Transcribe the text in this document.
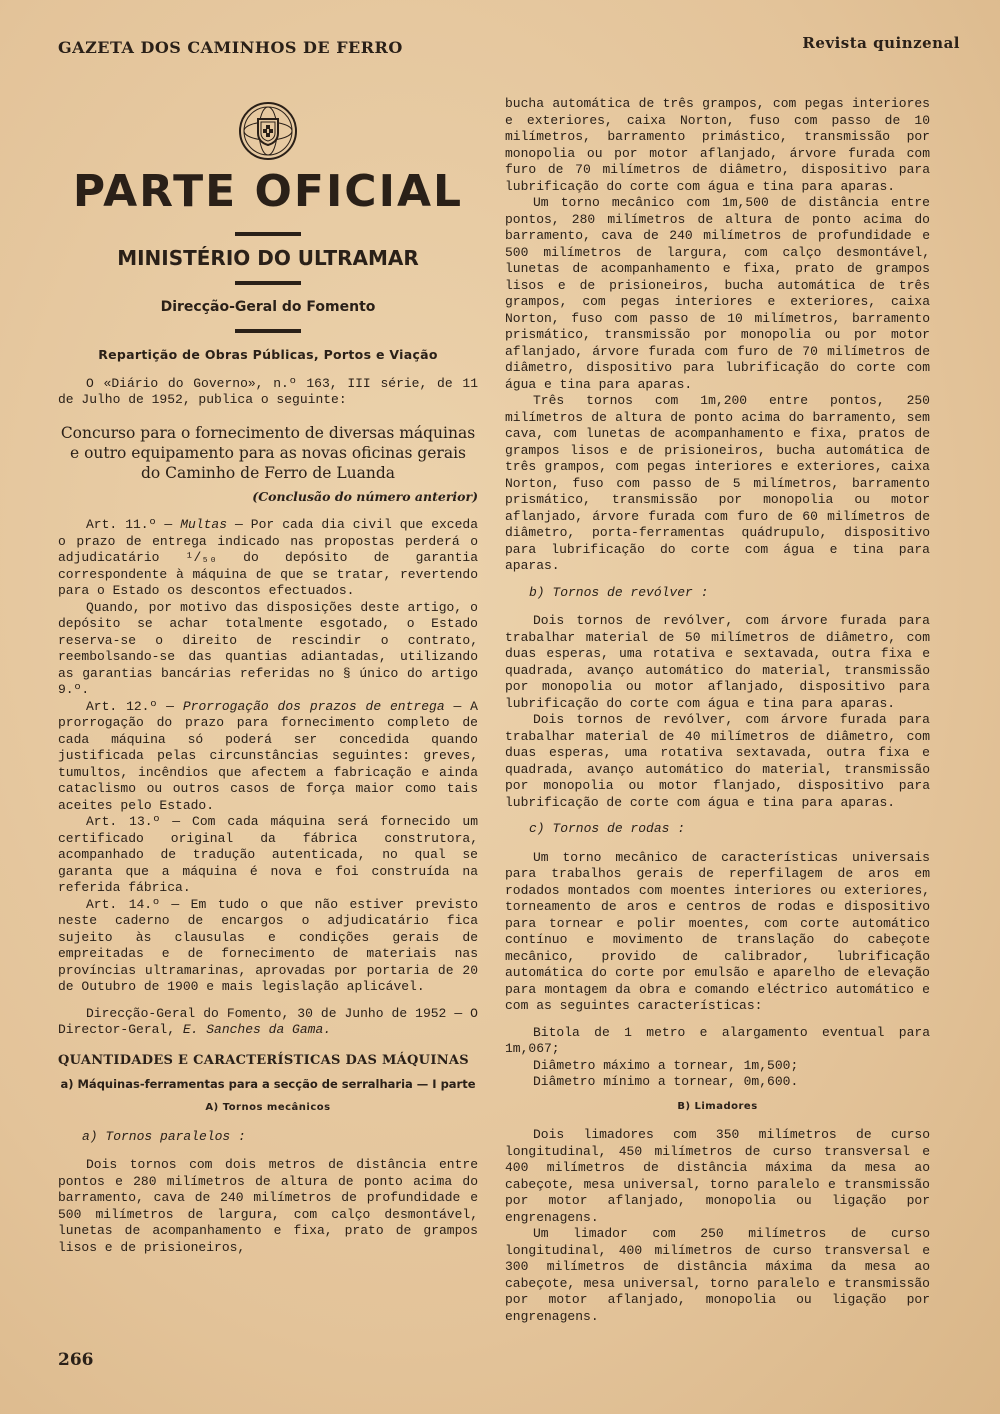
GAZETA DOS CAMINHOS DE FERRO	Revista quinzenal
PARTE OFICIAL
MINISTÉRIO DO ULTRAMAR
Direcção-Geral do Fomento
Repartição de Obras Públicas, Portos e Viação

O «Diário do Governo», n.º 163, III série, de 11 de Julho de 1952, publica o seguinte:

Concurso para o fornecimento de diversas máquinas e outro equipamento para as novas oficinas gerais do Caminho de Ferro de Luanda
(Conclusão do número anterior)

Art. 11.º — Multas — Por cada dia civil que exceda o prazo de entrega indicado nas propostas perderá o adjudicatário ¹/₅₀ do depósito de garantia correspondente à máquina de que se tratar, revertendo para o Estado os descontos efectuados.

Quando, por motivo das disposições deste artigo, o depósito se achar totalmente esgotado, o Estado reserva-se o direito de rescindir o contrato, reembolsando-se das quantias adiantadas, utilizando as garantias bancárias referidas no § único do artigo 9.º.

Art. 12.º — Prorrogação dos prazos de entrega — A prorrogação do prazo para fornecimento completo de cada máquina só poderá ser concedida quando justificada pelas circunstâncias seguintes: greves, tumultos, incêndios que afectem a fabricação e ainda cataclismo ou outros casos de força maior como tais aceites pelo Estado.

Art. 13.º — Com cada máquina será fornecido um certificado original da fábrica construtora, acompanhado de tradução autenticada, no qual se garanta que a máquina é nova e foi construída na referida fábrica.

Art. 14.º — Em tudo o que não estiver previsto neste caderno de encargos o adjudicatário fica sujeito às clausulas e condições gerais de empreitadas e de fornecimento de materiais nas províncias ultramarinas, aprovadas por portaria de 20 de Outubro de 1900 e mais legislação aplicável.

Direcção-Geral do Fomento, 30 de Junho de 1952 — O Director-Geral, E. Sanches da Gama.

QUANTIDADES E CARACTERÍSTICAS DAS MÁQUINAS
a) Máquinas-ferramentas para a secção de serralharia — I parte
A) Tornos mecânicos
a) Tornos paralelos :

Dois tornos com dois metros de distância entre pontos e 280 milímetros de altura de ponto acima do barramento, cava de 240 milímetros de profundidade e 500 milímetros de largura, com calço desmontável, lunetas de acompanhamento e fixa, prato de grampos lisos e de prisioneiros,

bucha automática de três grampos, com pegas interiores e exteriores, caixa Norton, fuso com passo de 10 milímetros, barramento primástico, transmissão por monopolia ou por motor aflanjado, árvore furada com furo de 70 milímetros de diâmetro, dispositivo para lubrificação do corte com água e tina para aparas.

Um torno mecânico com 1m,500 de distância entre pontos, 280 milímetros de altura de ponto acima do barramento, cava de 240 milímetros de profundidade e 500 milímetros de largura, com calço desmontável, lunetas de acompanhamento e fixa, prato de grampos lisos e de prisioneiros, bucha automática de três grampos, com pegas interiores e exteriores, caixa Norton, fuso com passo de 10 milímetros, barramento prismático, transmissão por monopolia ou por motor aflanjado, árvore furada com furo de 70 milímetros de diâmetro, dispositivo para lubrificação do corte com água e tina para aparas.

Três tornos com 1m,200 entre pontos, 250 milímetros de altura de ponto acima do barramento, sem cava, com lunetas de acompanhamento e fixa, pratos de grampos lisos e de prisioneiros, bucha automática de três grampos, com pegas interiores e exteriores, caixa Norton, fuso com passo de 5 milímetros, barramento prismático, transmissão por monopolia ou motor aflanjado, árvore furada com furo de 60 milímetros de diâmetro, porta-ferramentas quádrupulo, dispositivo para lubrificação do corte com água e tina para aparas.

b) Tornos de revólver :

Dois tornos de revólver, com árvore furada para trabalhar material de 50 milímetros de diâmetro, com duas esperas, uma rotativa e sextavada, outra fixa e quadrada, avanço automático do material, transmissão por monopolia ou motor aflanjado, dispositivo para lubrificação do corte com água e tina para aparas.

Dois tornos de revólver, com árvore furada para trabalhar material de 40 milímetros de diâmetro, com duas esperas, uma rotativa sextavada, outra fixa e quadrada, avanço automático do material, transmissão por monopolia ou motor flanjado, dispositivo para lubrificação de corte com água e tina para aparas.

c) Tornos de rodas :

Um torno mecânico de características universais para trabalhos gerais de reperfilagem de aros em rodados montados com moentes interiores ou exteriores, torneamento de aros e centros de rodas e dispositivo para tornear e polir moentes, com corte automático contínuo e movimento de translação do cabeçote mecânico, provido de calibrador, lubrificação automática do corte por emulsão e aparelho de elevação para montagem da obra e comando eléctrico automático e com as seguintes características:

Bitola de 1 metro e alargamento eventual para 1m,067;

Diâmetro máximo a tornear, 1m,500;

Diâmetro mínimo a tornear, 0m,600.

B) Limadores

Dois limadores com 350 milímetros de curso longitudinal, 450 milímetros de curso transversal e 400 milímetros de distância máxima da mesa ao cabeçote, mesa universal, torno paralelo e transmissão por motor aflanjado, monopolia ou ligação por engrenagens.

Um limador com 250 milímetros de curso longitudinal, 400 milímetros de curso transversal e 300 milímetros de distância máxima da mesa ao cabeçote, mesa universal, torno paralelo e transmissão por motor aflanjado, monopolia ou ligação por engrenagens.

266
